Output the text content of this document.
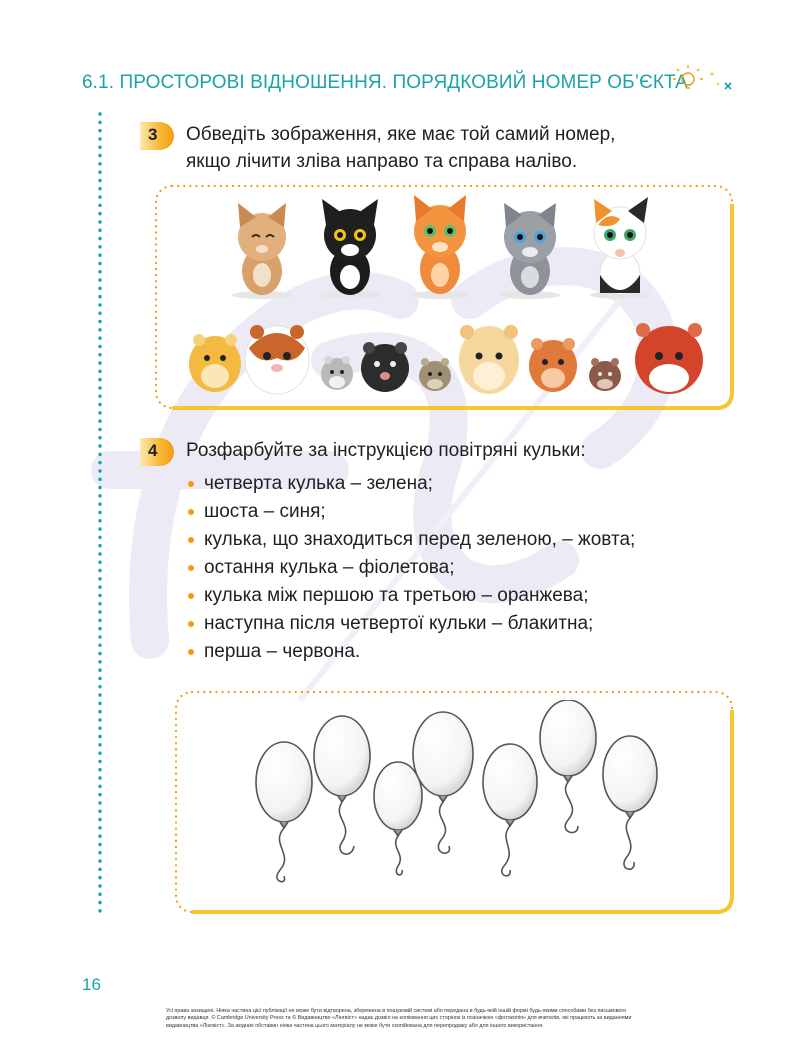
6.1. ПРОСТОРОВІ ВІДНОШЕННЯ. ПОРЯДКОВИЙ НОМЕР ОБ’ЄКТА
3 Обведіть зображення, яке має той самий номер,
якщо лічити зліва направо та справа наліво.
4 Розфарбуйте за інструкцією повітряні кульки:
четверта кулька – зелена;
шоста – синя;
кулька, що знаходиться перед зеленою, – жовта;
остання кулька – фіолетова;
кулька між першою та третьою – оранжева;
наступна після четвертої кульки – блакитна;
перша – червона.
16
Усі права захищені. Ніяка частина цієї публікації не може бути відтворена, збережена в пошуковій системі або передана в будь-якій іншій формі будь-якими способами без письмового дозволу видавця. © Cambridge University Press та © Видавництво «Лінгвіст» надає дозвіл на копіювання цих сторінок із позначкою «фотокопія» для вчителів, які працюють за виданнями видавництва «Лінгвіст». За жодних обставин ніяка частина цього матеріалу не може бути скопійована для перепродажу або для іншого використання.
